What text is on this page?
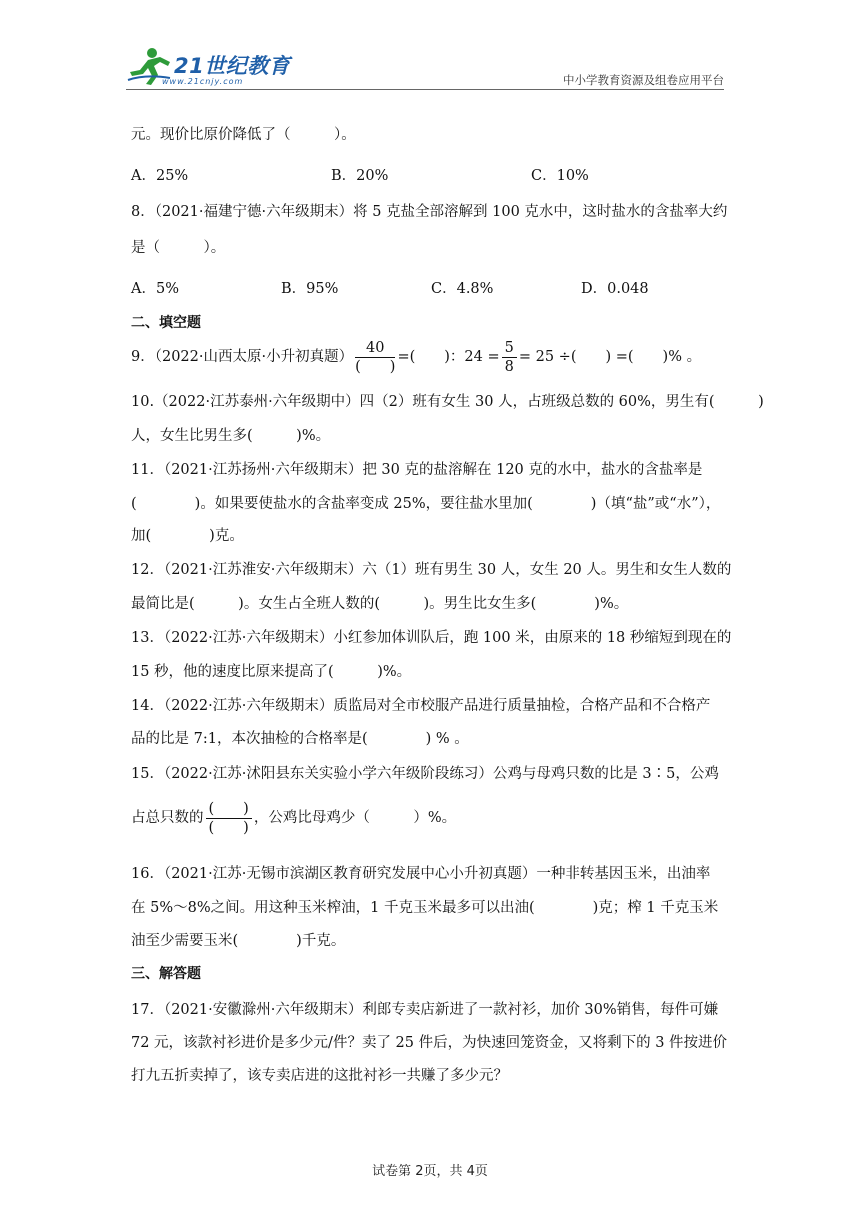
21世纪教育
www.21cnjy.com	中小学教育资源及组卷应用平台
元。现价比原价降低了（　　　）。
A．25%	B．20%	C．10%
8．（2021·福建宁德·六年级期末）将 5 克盐全部溶解到 100 克水中，这时盐水的含盐率大约
是（　　　）。
A．5%	B．95%	C．4.8%	D．0.048
二、填空题
9．（2022·山西太原·小升初真题） $\frac{40}{( )}$ =(　　)：$24 = \frac{5}{8} = 25$ ÷(　　) =(　　)% 。
10.（2022·江苏泰州·六年级期中）四（2）班有女生 30 人，占班级总数的 60%，男生有(　　　)
人，女生比男生多(　　　)%。
11．（2021·江苏扬州·六年级期末）把 30 克的盐溶解在 120 克的水中，盐水的含盐率是
(　　　　)。如果要使盐水的含盐率变成 25%，要往盐水里加(　　　　)（填“盐”或“水”），
加(　　　　)克。
12．（2021·江苏淮安·六年级期末）六（1）班有男生 30 人，女生 20 人。男生和女生人数的
最简比是(　　　)。女生占全班人数的(　　　)。男生比女生多(　　　　)%。
13．（2022·江苏·六年级期末）小红参加体训队后，跑 100 米，由原来的 18 秒缩短到现在的
15 秒，他的速度比原来提高了(　　　)%。
14．（2022·江苏·六年级期末）质监局对全市校服产品进行质量抽检，合格产品和不合格产
品的比是 7:1，本次抽检的合格率是(　　　　) % 。
15．（2022·江苏·沭阳县东关实验小学六年级阶段练习）公鸡与母鸡只数的比是 3∶5，公鸡
占总只数的 $\frac{( )}{( )}$ ，公鸡比母鸡少（　　　）%。
16．（2021·江苏·无锡市滨湖区教育研究发展中心小升初真题）一种非转基因玉米，出油率
在 5%～8%之间。用这种玉米榨油，1 千克玉米最多可以出油(　　　　)克；榨 1 千克玉米
油至少需要玉米(　　　　)千克。
三、解答题
17．（2021·安徽滁州·六年级期末）利郎专卖店新进了一款衬衫，加价 30%销售，每件可嫌
72 元，该款衬衫进价是多少元/件？卖了 25 件后，为快速回笼资金，又将剩下的 3 件按进价
打九五折卖掉了，该专卖店进的这批衬衫一共赚了多少元？
试卷第 2页，共 4页
